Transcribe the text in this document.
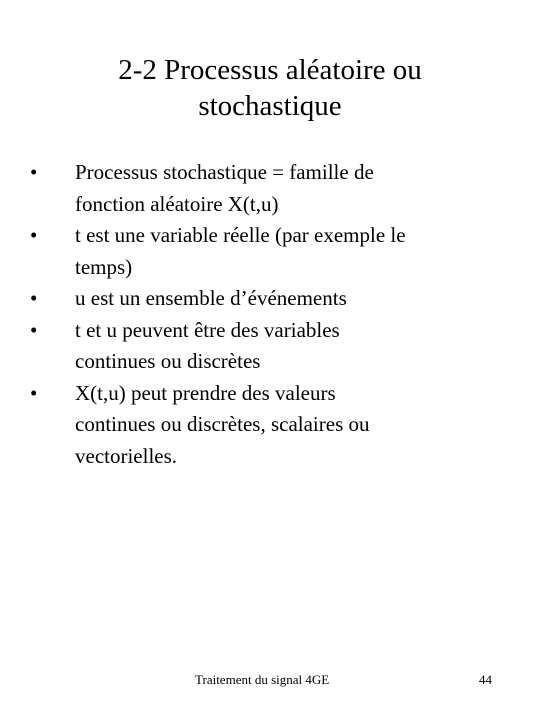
2-2 Processus aléatoire ou
stochastique
•	Processus stochastique = famille de
fonction aléatoire X(t,u)
•	t est une variable réelle (par exemple le
temps)
•	u est un ensemble d’événements
•	t et u peuvent être des variables
continues ou discrètes
•	X(t,u) peut prendre des valeurs
continues ou discrètes, scalaires ou
vectorielles.
Traitement du signal 4GE	44
